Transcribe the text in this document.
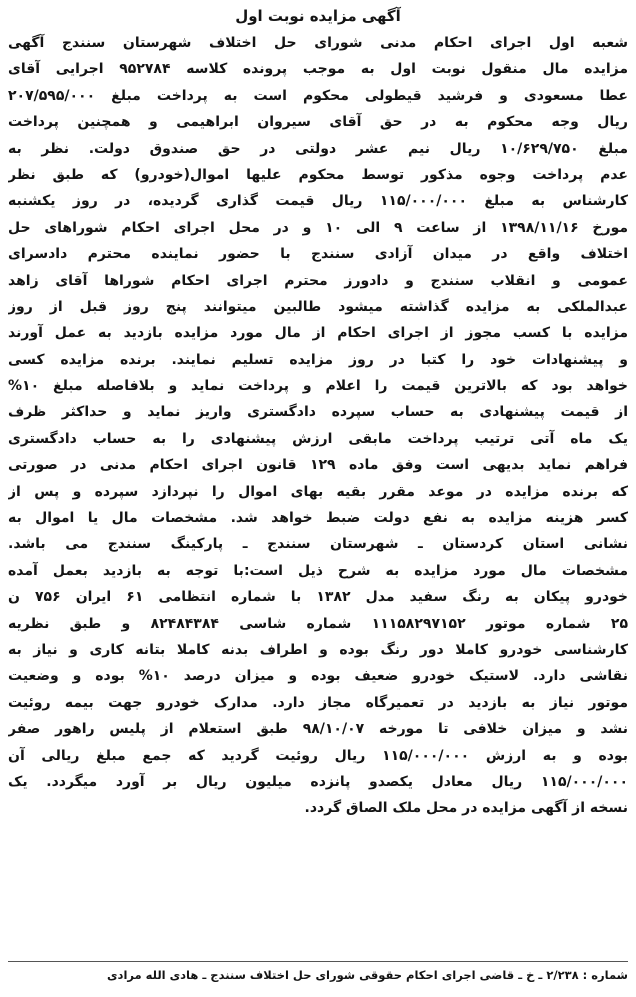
آگهی مزایده نوبت اول
شعبه اول اجرای احکام مدنی شورای حل اختلاف شهرستان سنندج آگهی
مزایده مال منقول نوبت اول به موجب پرونده کلاسه ۹۵۲۷۸۴ اجرایی آقای
عطا مسعودی و فرشید قیطولی محکوم است به پرداخت مبلغ ۲۰۷/۵۹۵/۰۰۰
ریال وجه محکوم به در حق آقای سیروان ابراهیمی و همچنین پرداخت
مبلغ ۱۰/۶۲۹/۷۵۰ ریال نیم عشر دولتی در حق صندوق دولت. نظر به
عدم پرداخت وجوه مذکور توسط محکوم علیها اموال(خودرو) که طبق نظر
کارشناس به مبلغ ۱۱۵/۰۰۰/۰۰۰ ریال قیمت گذاری گردیده، در روز یکشنبه
مورخ ۱۳۹۸/۱۱/۱۶ از ساعت ۹ الی ۱۰ و در محل اجرای احکام شوراهای حل
اختلاف واقع در میدان آزادی سنندج با حضور نماینده محترم دادسرای
عمومی و انقلاب سنندج و دادورز محترم اجرای احکام شوراها آقای زاهد
عبدالملکی به مزایده گذاشته میشود طالبین میتوانند پنج روز قبل از روز
مزایده با کسب مجوز از اجرای احکام از مال مورد مزایده بازدید به عمل آورند
و پیشنهادات خود را کتبا در روز مزایده تسلیم نمایند. برنده مزایده کسی
خواهد بود که بالاترین قیمت را اعلام و پرداخت نماید و بلافاصله مبلغ ۱۰%
از قیمت پیشنهادی به حساب سپرده دادگستری واریز نماید و حداکثر ظرف
یک ماه آتی ترتیب پرداخت مابقی ارزش پیشنهادی را به حساب دادگستری
فراهم نماید بدیهی است وفق ماده ۱۲۹ قانون اجرای احکام مدنی در صورتی
که برنده مزایده در موعد مقرر بقیه بهای اموال را نپردازد سپرده و پس از
کسر هزینه مزایده به نفع دولت ضبط خواهد شد. مشخصات مال یا اموال به
نشانی استان کردستان ـ شهرستان سنندج ـ پارکینگ سنندج می باشد.
مشخصات مال مورد مزایده به شرح ذیل است:با توجه به بازدید بعمل آمده
خودرو پیکان به رنگ سفید مدل ۱۳۸۲ با شماره انتظامی ۶۱ ایران ۷۵۶ ن
۲۵ شماره موتور ۱۱۱۵۸۲۹۷۱۵۲ شماره شاسی ۸۲۴۸۴۳۸۴ و طبق نظریه
کارشناسی خودرو کاملا دور رنگ بوده و اطراف بدنه کاملا بتانه کاری و نیاز به
نقاشی دارد. لاستیک خودرو ضعیف بوده و میزان درصد ۱۰% بوده و وضعیت
موتور نیاز به بازدید در تعمیرگاه مجاز دارد. مدارک خودرو جهت بیمه روئیت
نشد و میزان خلافی تا مورخه ۹۸/۱۰/۰۷ طبق استعلام از پلیس راهور صفر
بوده و به ارزش ۱۱۵/۰۰۰/۰۰۰ ریال روئیت گردید که جمع مبلغ ریالی آن
۱۱۵/۰۰۰/۰۰۰ ریال معادل یکصدو پانزده میلیون ریال بر آورد میگردد. یک
نسخه از آگهی مزایده در محل ملک الصاق گردد.
شماره : ۲/۲۳۸ ـ خ ـ قاضی اجرای احکام حقوقی شورای حل اختلاف سنندج ـ هادی الله مرادی
